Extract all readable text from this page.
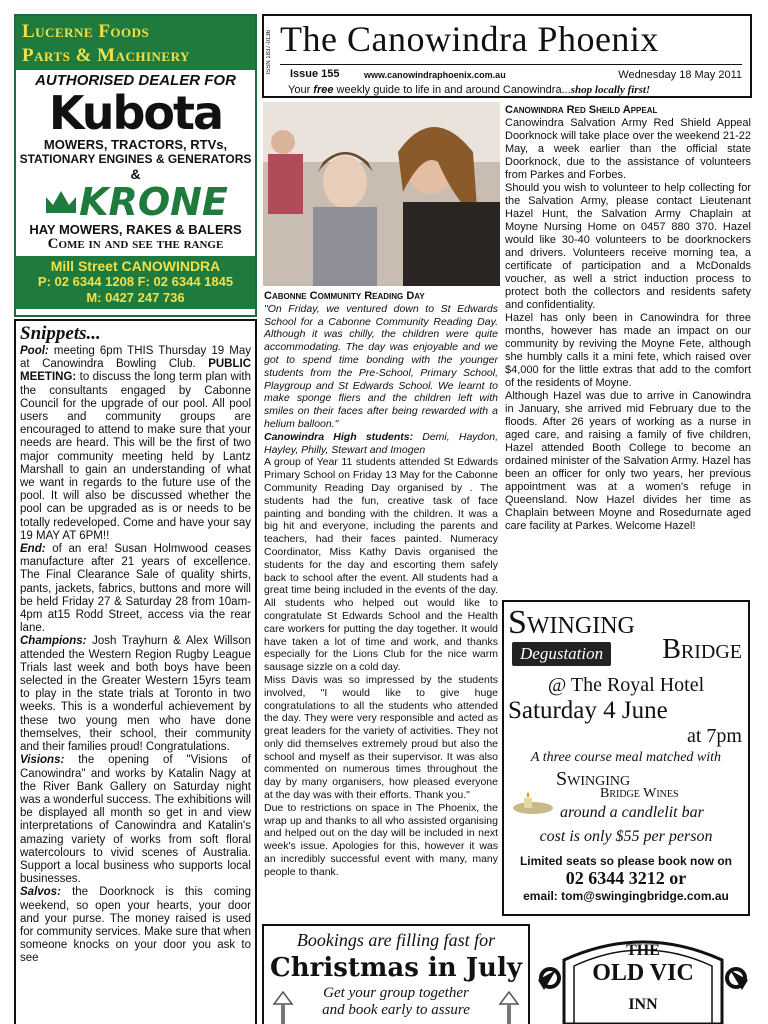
Lucerne Foods
Parts & Machinery
AUTHORISED DEALER FOR
Kubota
MOWERS, TRACTORS, RTVs,
STATIONARY ENGINES & GENERATORS
&
KRONE
HAY MOWERS, RAKES & BALERS
Come in and see the range
Mill Street CANOWINDRA
P: 02 6344 1208 F: 02 6344 1845
M: 0427 247 736
ISSN 1837-0136 The Canowindra Phoenix
Issue 155	www.canowindraphoenix.com.au	Wednesday 18 May 2011
Your free weekly guide to life in and around Canowindra...shop locally first!
Cabonne Community Reading Day

"On Friday, we ventured down to St Edwards School for a Cabonne Community Reading Day. Although it was chilly, the children were quite accommodating. The day was enjoyable and we got to spend time bonding with the younger students from the Pre-School, Primary School, Playgroup and St Edwards School. We learnt to make sponge fliers and the children left with smiles on their faces after being rewarded with a helium balloon."

Canowindra High students: Demi, Haydon, Hayley, Philly, Stewart and Imogen

A group of Year 11 students attended St Edwards Primary School on Friday 13 May for the Cabonne Community Reading Day organised by . The students had the fun, creative task of face painting and bonding with the children. It was a big hit and everyone, including the parents and teachers, had their faces painted. Numeracy Coordinator, Miss Kathy Davis organised the students for the day and escorting them safely back to school after the event. All students had a great time being included in the events of the day. All students who helped out would like to congratulate St Edwards School and the Health care workers for putting the day together. It would have taken a lot of time and work, and thanks especially for the Lions Club for the nice warm sausage sizzle on a cold day.

Miss Davis was so impressed by the students involved, "I would like to give huge congratulations to all the students who attended the day. They were very responsible and acted as great leaders for the variety of activities. They not only did themselves extremely proud but also the school and myself as their supervisor. It was also commented on numerous times throughout the day by many organisers, how pleased everyone at the day was with their efforts. Thank you."

Due to restrictions on space in The Phoenix, the wrap up and thanks to all who assisted organising and helped out on the day will be included in next week's issue. Apologies for this, however it was an incredibly successful event with many, many people to thank.

Canowindra Red Sheild Appeal

Canowindra Salvation Army Red Shield Appeal Doorknock will take place over the weekend 21-22 May, a week earlier than the official state Doorknock, due to the assistance of volunteers from Parkes and Forbes.

Should you wish to volunteer to help collecting for the Salvation Army, please contact Lieutenant Hazel Hunt, the Salvation Army Chaplain at Moyne Nursing Home on 0457 880 370. Hazel would like 30-40 volunteers to be doorknockers and drivers. Volunteers receive morning tea, a certificate of participation and a McDonalds voucher, as well a strict induction process to protect both the collectors and residents safety and confidentiality.

Hazel has only been in Canowindra for three months, however has made an impact on our community by reviving the Moyne Fete, although she humbly calls it a mini fete, which raised over $4,000 for the little extras that add to the comfort of the residents of Moyne.

Although Hazel was due to arrive in Canowindra in January, she arrived mid February due to the floods. After 26 years of working as a nurse in aged care, and raising a family of five children, Hazel attended Booth College to become an ordained minister of the Salvation Army. Hazel has been an officer for only two years, her previous appointment was at a women's refuge in Queensland. Now Hazel divides her time as Chaplain between Moyne and Rosedurnate aged care facility at Parkes. Welcome Hazel!

Swinging
Degustation Bridge
@ The Royal Hotel
Saturday 4 June
at 7pm
A three course meal matched with
Swinging
Bridge Wines
around a candlelit bar
cost is only $55 per person
Limited seats so please book now on
02 6344 3212 or
email: tom@swingingbridge.com.au
Snippets...
Pool: meeting 6pm THIS Thursday 19 May at Canowindra Bowling Club. PUBLIC MEETING: to discuss the long term plan with the consultants engaged by Cabonne Council for the upgrade of our pool. All pool users and community groups are encouraged to attend to make sure that your needs are heard. This will be the first of two major community meeting held by Lantz Marshall to gain an understanding of what we want in regards to the future use of the pool. It will also be discussed whether the pool can be upgraded as is or needs to be totally redeveloped. Come and have your say 19 MAY AT 6PM!!
End: of an era! Susan Holmwood ceases manufacture after 21 years of excellence. The Final Clearance Sale of quality shirts, pants, jackets, fabrics, buttons and more will be held Friday 27 & Saturday 28 from 10am-4pm at15 Rodd Street, access via the rear lane.
Champions: Josh Trayhurn & Alex Willson attended the Western Region Rugby League Trials last week and both boys have been selected in the Greater Western 15yrs team to play in the state trials at Toronto in two weeks. This is a wonderful achievement by these two young men who have done themselves, their school, their community and their families proud! Congratulations.
Visions: the opening of "Visions of Canowindra" and works by Katalin Nagy at the River Bank Gallery on Saturday night was a wonderful success. The exhibitions will be displayed all month so get in and view interpretations of Canowindra and Katalin's amazing variety of works from soft floral watercolours to vivid scenes of Australia. Support a local business who supports local businesses.
Salvos: the Doorknock is this coming weekend, so open your hearts, your door and your purse. The money raised is used for community services. Make sure that when someone knocks on your door you ask to see
Bookings are filling fast for
Christmas in July
Get your group together
and book early to assure
THE
OLD VIC
INN
